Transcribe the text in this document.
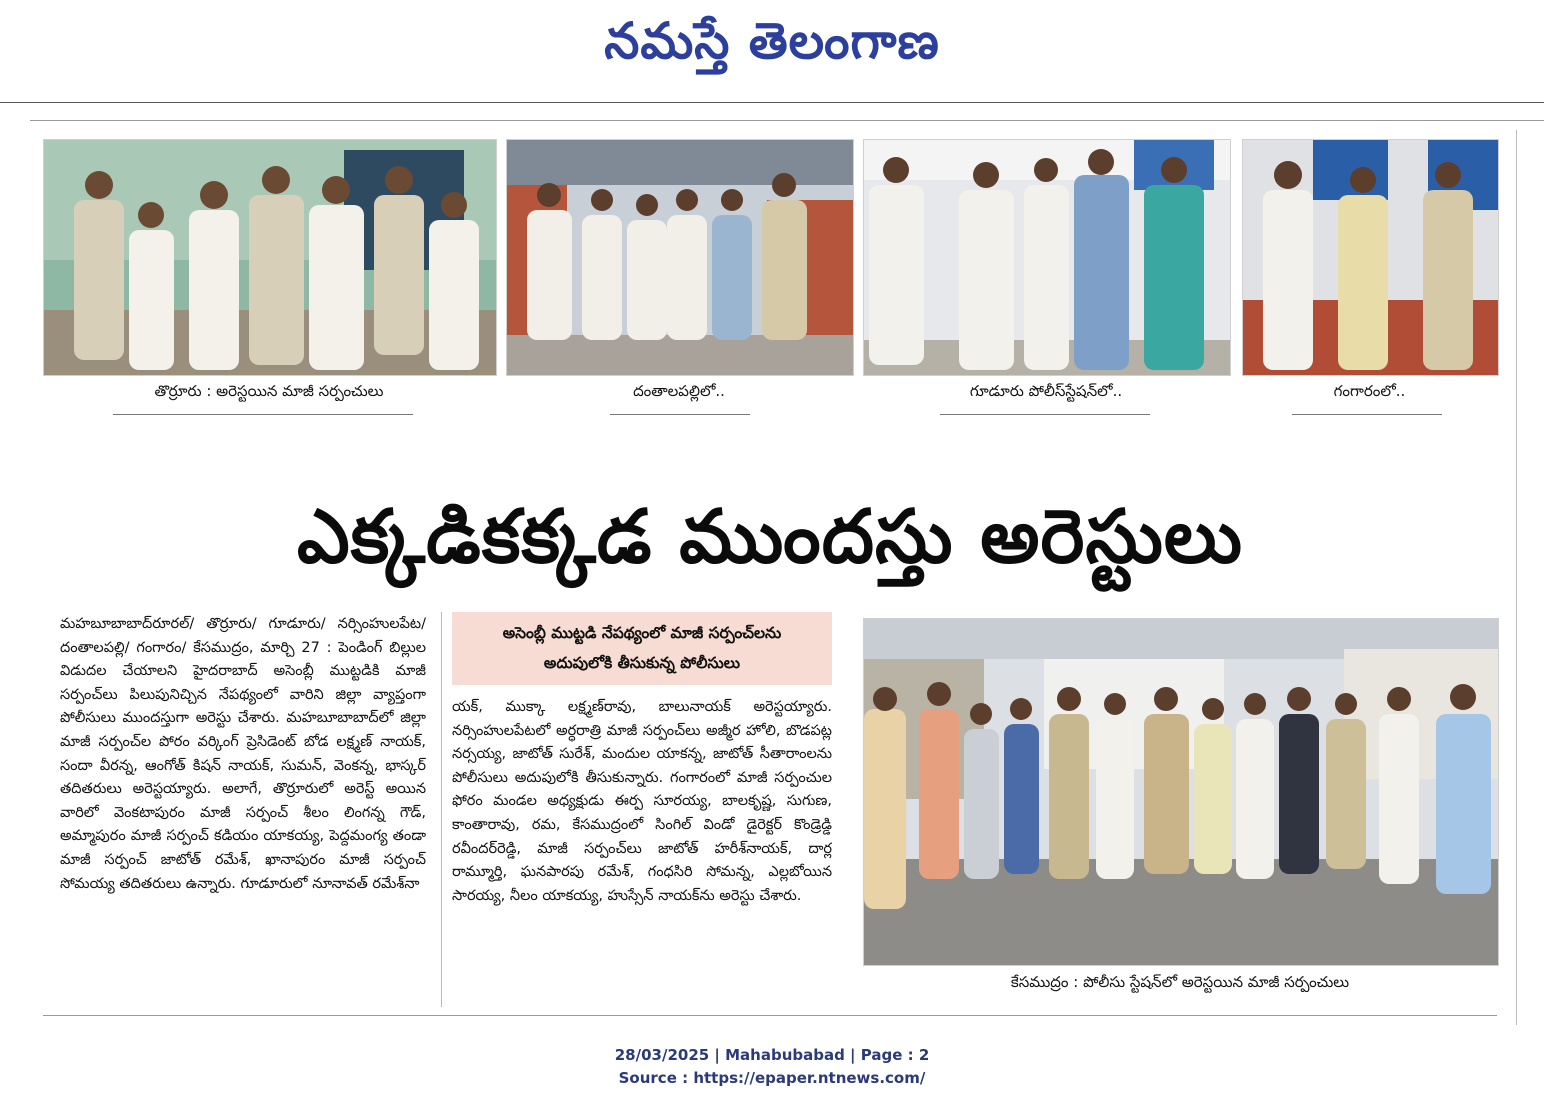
నమస్తే తెలంగాణ
తొర్రూరు : అరెస్టయిన మాజీ సర్పంచులు	దంతాలపల్లిలో..	గూడూరు పోలీస్‌స్టేషన్‌లో..	గంగారంలో..
ఎక్కడికక్కడ ముందస్తు అరెస్టులు

మహబూబాబాద్‌రూరల్‌/ తొర్రూరు/ గూడూరు/ నర్సింహులపేట/ దంతాలపల్లి/ గంగారం/ కేసముద్రం, మార్చి 27 : పెండింగ్ బిల్లుల విడుదల చేయాలని హైదరాబాద్ అసెంబ్లీ ముట్టడికి మాజీ సర్పంచ్‌లు పిలుపునిచ్చిన నేపథ్యంలో వారిని జిల్లా వ్యాప్తంగా పోలీసులు ముందస్తుగా అరెస్టు చేశారు. మహబూబాబాద్‌లో జిల్లా మాజీ సర్పంచ్‌ల పోరం వర్కింగ్ ప్రెసిడెంట్ బోడ లక్ష్మణ్ నాయక్, సందా వీరన్న, ఆంగోత్ కిషన్ నాయక్, సుమన్, వెంకన్న, భాస్కర్ తదితరులు అరెస్టయ్యారు. అలాగే, తొర్రూరులో అరెస్ట్ అయిన వారిలో వెంకటాపురం మాజీ సర్పంచ్ శీలం లింగన్న గౌడ్, అమ్మాపురం మాజీ సర్పంచ్ కడియం యాకయ్య, పెద్దమంగ్య తండా మాజీ సర్పంచ్ జాటోత్ రమేశ్, ఖానాపురం మాజీ సర్పంచ్ సోమయ్య తదితరులు ఉన్నారు. గూడూరులో నూనావత్ రమేశ్‌నా

అసెంబ్లీ ముట్టడి నేపథ్యంలో మాజీ సర్పంచ్‌లను
అదుపులోకి తీసుకున్న పోలీసులు

యక్, ముక్కా లక్ష్మణ్‌రావు, బాలునాయక్ అరెస్టయ్యారు. నర్సింహులపేటలో అర్ధరాత్రి మాజీ సర్పంచ్‌లు అజ్మీర హోలి, బొడపట్ల నర్సయ్య, జాటోత్ సురేశ్, మందుల యాకన్న, జాటోత్ సీతారాంలను పోలీసులు అదుపులోకి తీసుకున్నారు. గంగారంలో మాజీ సర్పంచుల ఫోరం మండల అధ్యక్షుడు ఈర్ప సూరయ్య, బాలకృష్ణ, సుగుణ, కాంతారావు, రమ, కేసముద్రంలో సింగిల్ విండో డైరెక్టర్ కొండ్రెడ్డి రవీందర్‌రెడ్డి, మాజీ సర్పంచ్‌లు జాటోత్ హరీశ్‌నాయక్, దార్ల రామ్మూర్తి, ఘనపారపు రమేశ్, గంధసిరి సోమన్న, ఎల్లబోయిన సారయ్య, నీలం యాకయ్య, హుస్సేన్ నాయక్‌ను అరెస్టు చేశారు.

కేసముద్రం : పోలీసు స్టేషన్‌లో అరెస్టయిన మాజీ సర్పంచులు
28/03/2025 | Mahabubabad | Page : 2
Source : https://epaper.ntnews.com/
